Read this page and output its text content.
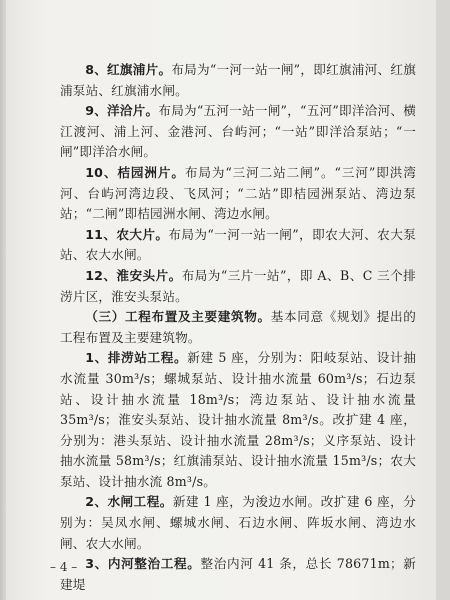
8、红旗浦片。布局为“一河一站一闸”，即红旗浦河、红旗浦泵站、红旗浦水闸。

9、洋洽片。布局为“五河一站一闸”，“五河”即洋洽河、横江渡河、浦上河、金港河、台屿河；“一站”即洋洽泵站；“一闸”即洋洽水闸。

10、桔园洲片。布局为“三河二站二闸”。“三河”即洪湾河、台屿河湾边段、飞凤河；“二站”即桔园洲泵站、湾边泵站；“二闸”即桔园洲水闸、湾边水闸。

11、农大片。布局为“一河一站一闸”，即农大河、农大泵站、农大水闸。

12、淮安头片。布局为“三片一站”，即 A、B、C 三个排涝片区，淮安头泵站。

（三）工程布置及主要建筑物。基本同意《规划》提出的工程布置及主要建筑物。

1、排涝站工程。新建 5 座，分别为：阳岐泵站、设计抽水流量 30m³/s；螺城泵站、设计抽水流量 60m³/s；石边泵站、设计抽水流量 18m³/s；湾边泵站、设计抽水流量 35m³/s；淮安头泵站、设计抽水流量 8m³/s。改扩建 4 座，分别为：港头泵站、设计抽水流量 28m³/s；义序泵站、设计抽水流量 58m³/s；红旗浦泵站、设计抽水流量 15m³/s；农大泵站、设计抽水流 8m³/s。

2、水闸工程。新建 1 座，为浚边水闸。改扩建 6 座，分别为：吴凤水闸、螺城水闸、石边水闸、阵坂水闸、湾边水闸、农大水闸。

3、内河整治工程。整治内河 41 条，总长 78671m；新建堤

– 4 –
